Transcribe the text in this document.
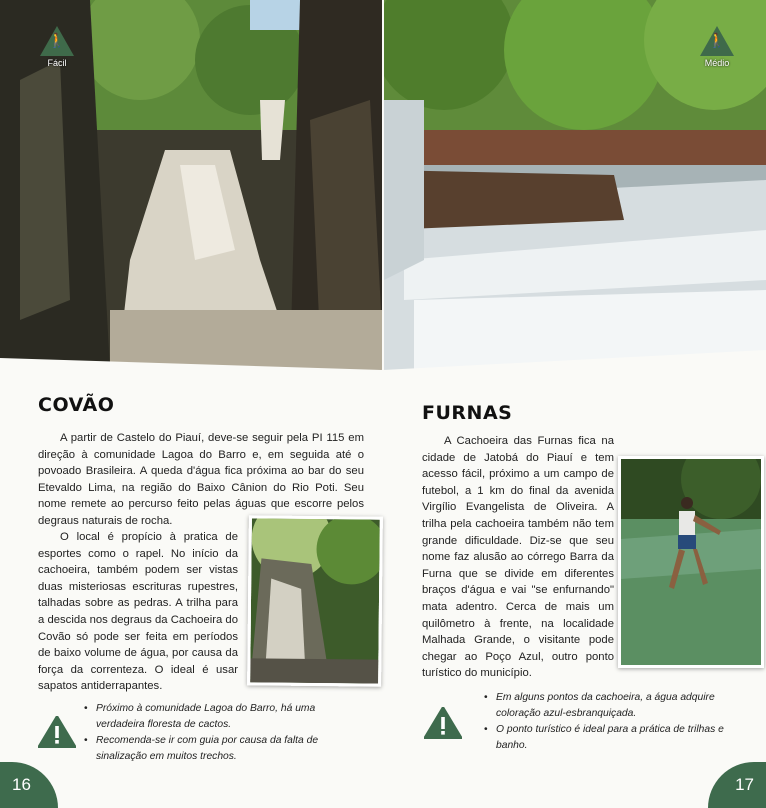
🚶
Fácil
🚶
Médio
COVÃO

A partir de Castelo do Piauí, deve-se seguir pela PI 115 em direção à comunidade Lagoa do Barro e, em seguida até o povoado Brasileira. A queda d'água fica próxima ao bar do seu Etevaldo Lima, na região do Baixo Cânion do Rio Poti. Seu nome remete ao percurso feito pelas águas que escorre pelos degraus naturais de rocha.

O local é propício à pratica de esportes como o rapel. No início da cachoeira, também podem ser vistas duas misteriosas escrituras rupestres, talhadas sobre as pedras. A trilha para a descida nos degraus da Cachoeira do Covão só pode ser feita em períodos de baixo volume de água, por causa da força da correnteza. O ideal é usar sapatos antiderrapantes.

• Próximo à comunidade Lagoa do Barro, há uma verdadeira floresta de cactos.
• Recomenda-se ir com guia por causa da falta de sinalização em muitos trechos.
FURNAS

A Cachoeira das Furnas fica na cidade de Jatobá do Piauí e tem acesso fácil, próximo a um campo de futebol, a 1 km do final da avenida Virgílio Evangelista de Oliveira. A trilha pela cachoeira também não tem grande dificuldade. Diz-se que seu nome faz alusão ao córrego Barra da Furna que se divide em diferentes braços d'água e vai "se enfurnando" mata adentro. Cerca de mais um quilômetro à frente, na localidade Malhada Grande, o visitante pode chegar ao Poço Azul, outro ponto turístico do município.

• Em alguns pontos da cachoeira, a água adquire coloração azul-esbranquiçada.
• O ponto turístico é ideal para a prática de trilhas e banho.
16	17
